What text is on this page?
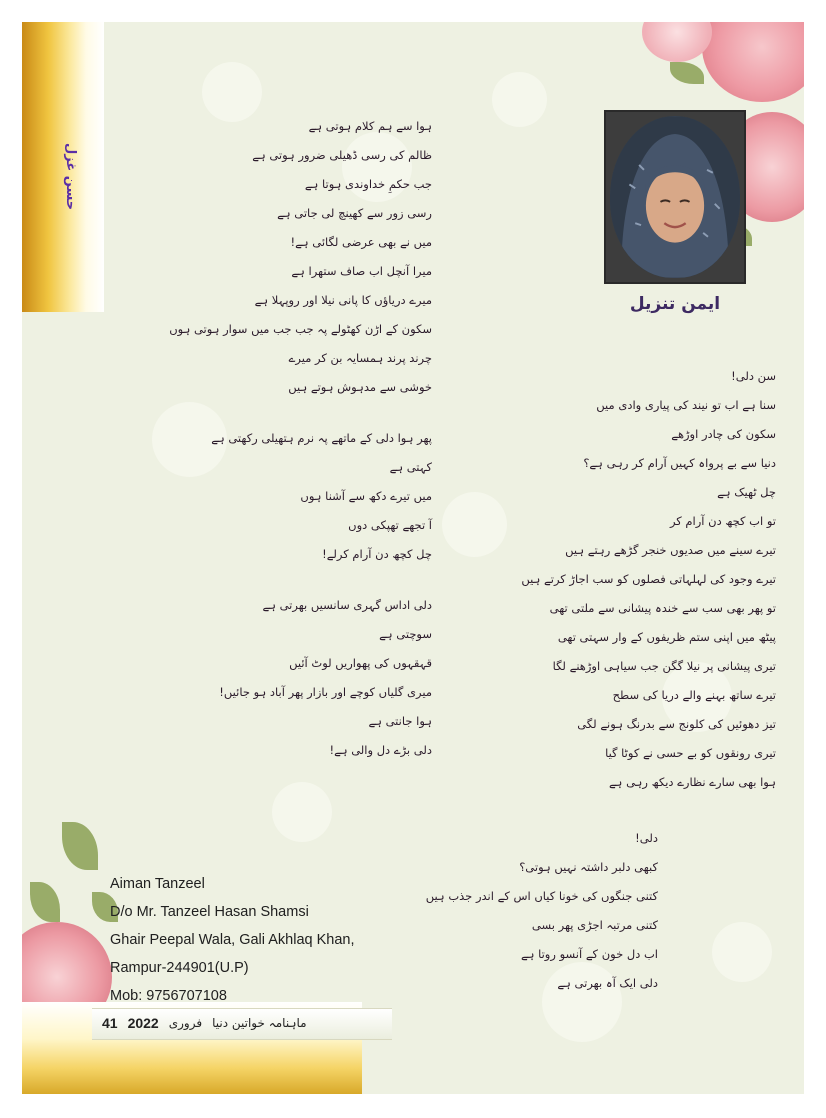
حسن غزل
41 2022 فروری ماہنامہ خواتین دنیا
ایمن تنزیل
Aiman Tanzeel
D/o Mr. Tanzeel Hasan Shamsi
Ghair Peepal Wala, Gali Akhlaq Khan,
Rampur-244901(U.P)
Mob: 9756707108
ہوا سے ہم کلام ہوتی ہے
ظالم کی رسی ڈھیلی ضرور ہوتی ہے
جب حکمِ خداوندی ہوتا ہے
رسی زور سے کھینچ لی جاتی ہے
میں نے بھی عرضی لگائی ہے!
میرا آنچل اب صاف ستھرا ہے
میرے دریاؤں کا پانی نیلا اور روپہلا ہے
سکون کے اڑن کھٹولے پہ جب جب میں سوار ہوتی ہوں
چرند پرند ہمسایہ بن کر میرے
خوشی سے مدہوش ہوتے ہیں
پھر ہوا دلی کے ماتھے پہ نرم ہتھیلی رکھتی ہے
کہتی ہے
میں تیرے دکھ سے آشنا ہوں
آ تجھے تھپکی دوں
چل کچھ دن آرام کرلے!
دلی اداس گہری سانسیں بھرتی ہے
سوچتی ہے
قہقہوں کی پھواریں لوٹ آئیں
میری گلیاں کوچے اور بازار پھر آباد ہو جائیں!
ہوا جانتی ہے
دلی بڑے دل والی ہے!
سن دلی!
سنا ہے اب تو نیند کی پیاری وادی میں
سکون کی چادر اوڑھے
دنیا سے بے پرواہ کہیں آرام کر رہی ہے؟
چل ٹھیک ہے
تو اب کچھ دن آرام کر
تیرے سینے میں صدیوں خنجر گڑھے رہتے ہیں
تیرے وجود کی لہلہاتی فصلوں کو سب اجاڑ کرتے ہیں
تو پھر بھی سب سے خندہ پیشانی سے ملتی تھی
پیٹھ میں اپنی ستم ظریفوں کے وار سہتی تھی
تیری پیشانی پر نیلا گگن جب سیاہی اوڑھنے لگا
تیرے ساتھ بہنے والے دریا کی سطح
تیز دھوئیں کی کلونج سے بدرنگ ہونے لگی
تیری رونقوں کو بے حسی نے کوٹا گیا
ہوا بھی سارے نظارے دیکھ رہی ہے
دلی!
کبھی دلبر داشتہ نہیں ہوتی؟
کتنی جنگوں کی خونا کیاں اس کے اندر جذب ہیں
کتنی مرتبہ اجڑی پھر بسی
اب دل خون کے آنسو روتا ہے
دلی ایک آہ بھرتی ہے
